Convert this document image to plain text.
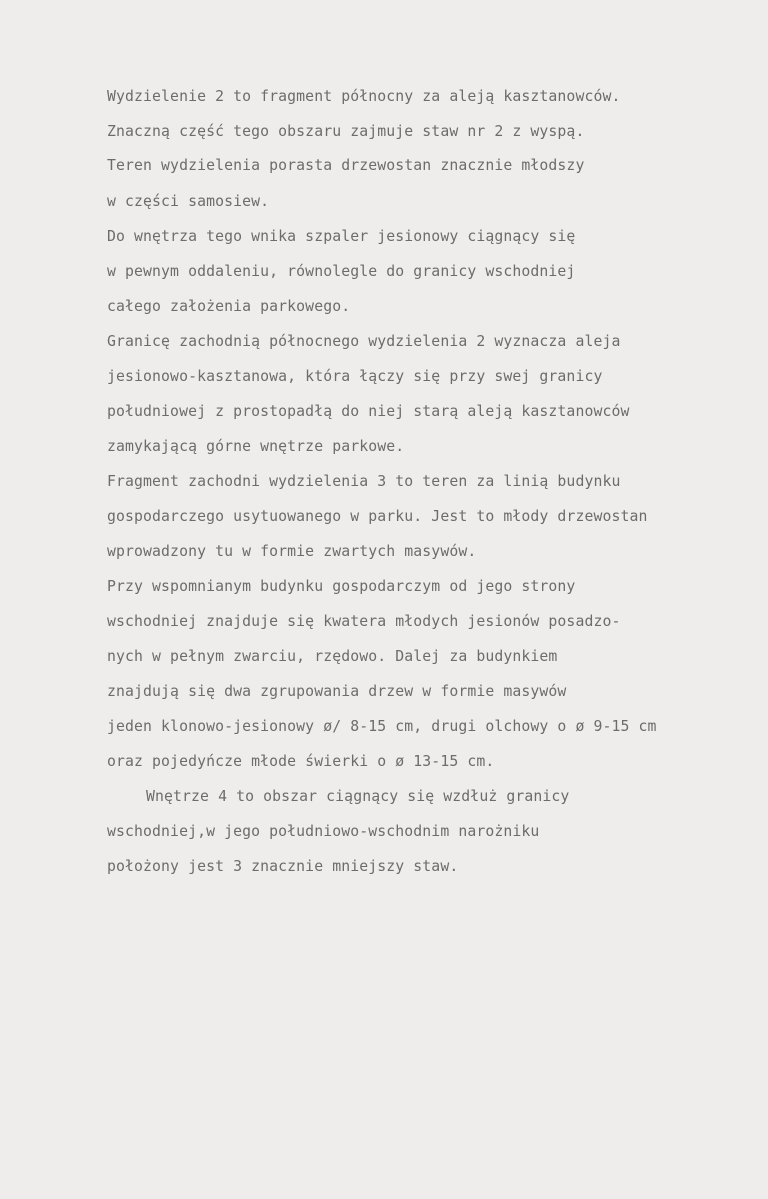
Wydzielenie 2 to fragment północny za aleją kasztanowców.
Znaczną część tego obszaru zajmuje staw nr 2 z wyspą.
Teren wydzielenia porasta drzewostan znacznie młodszy
w części samosiew.
Do wnętrza tego wnika szpaler jesionowy ciągnący się
w pewnym oddaleniu, równolegle do granicy wschodniej
całego założenia parkowego.
Granicę zachodnią północnego wydzielenia 2 wyznacza aleja
jesionowo-kasztanowa, która łączy się przy swej granicy
południowej z prostopadłą do niej starą aleją kasztanowców
zamykającą górne wnętrze parkowe.
Fragment zachodni wydzielenia 3 to teren za linią budynku
gospodarczego usytuowanego w parku. Jest to młody drzewostan
wprowadzony tu w formie zwartych masywów.
Przy wspomnianym budynku gospodarczym od jego strony
wschodniej znajduje się kwatera młodych jesionów posadzo-
nych w pełnym zwarciu, rzędowo. Dalej za budynkiem
znajdują się dwa zgrupowania drzew w formie masywów
jeden klonowo-jesionowy ø/ 8-15 cm, drugi olchowy o ø 9-15 cm
oraz pojedyńcze młode świerki o ø 13-15 cm.
Wnętrze 4 to obszar ciągnący się wzdłuż granicy
wschodniej,w jego południowo-wschodnim narożniku
położony jest 3 znacznie mniejszy staw.
